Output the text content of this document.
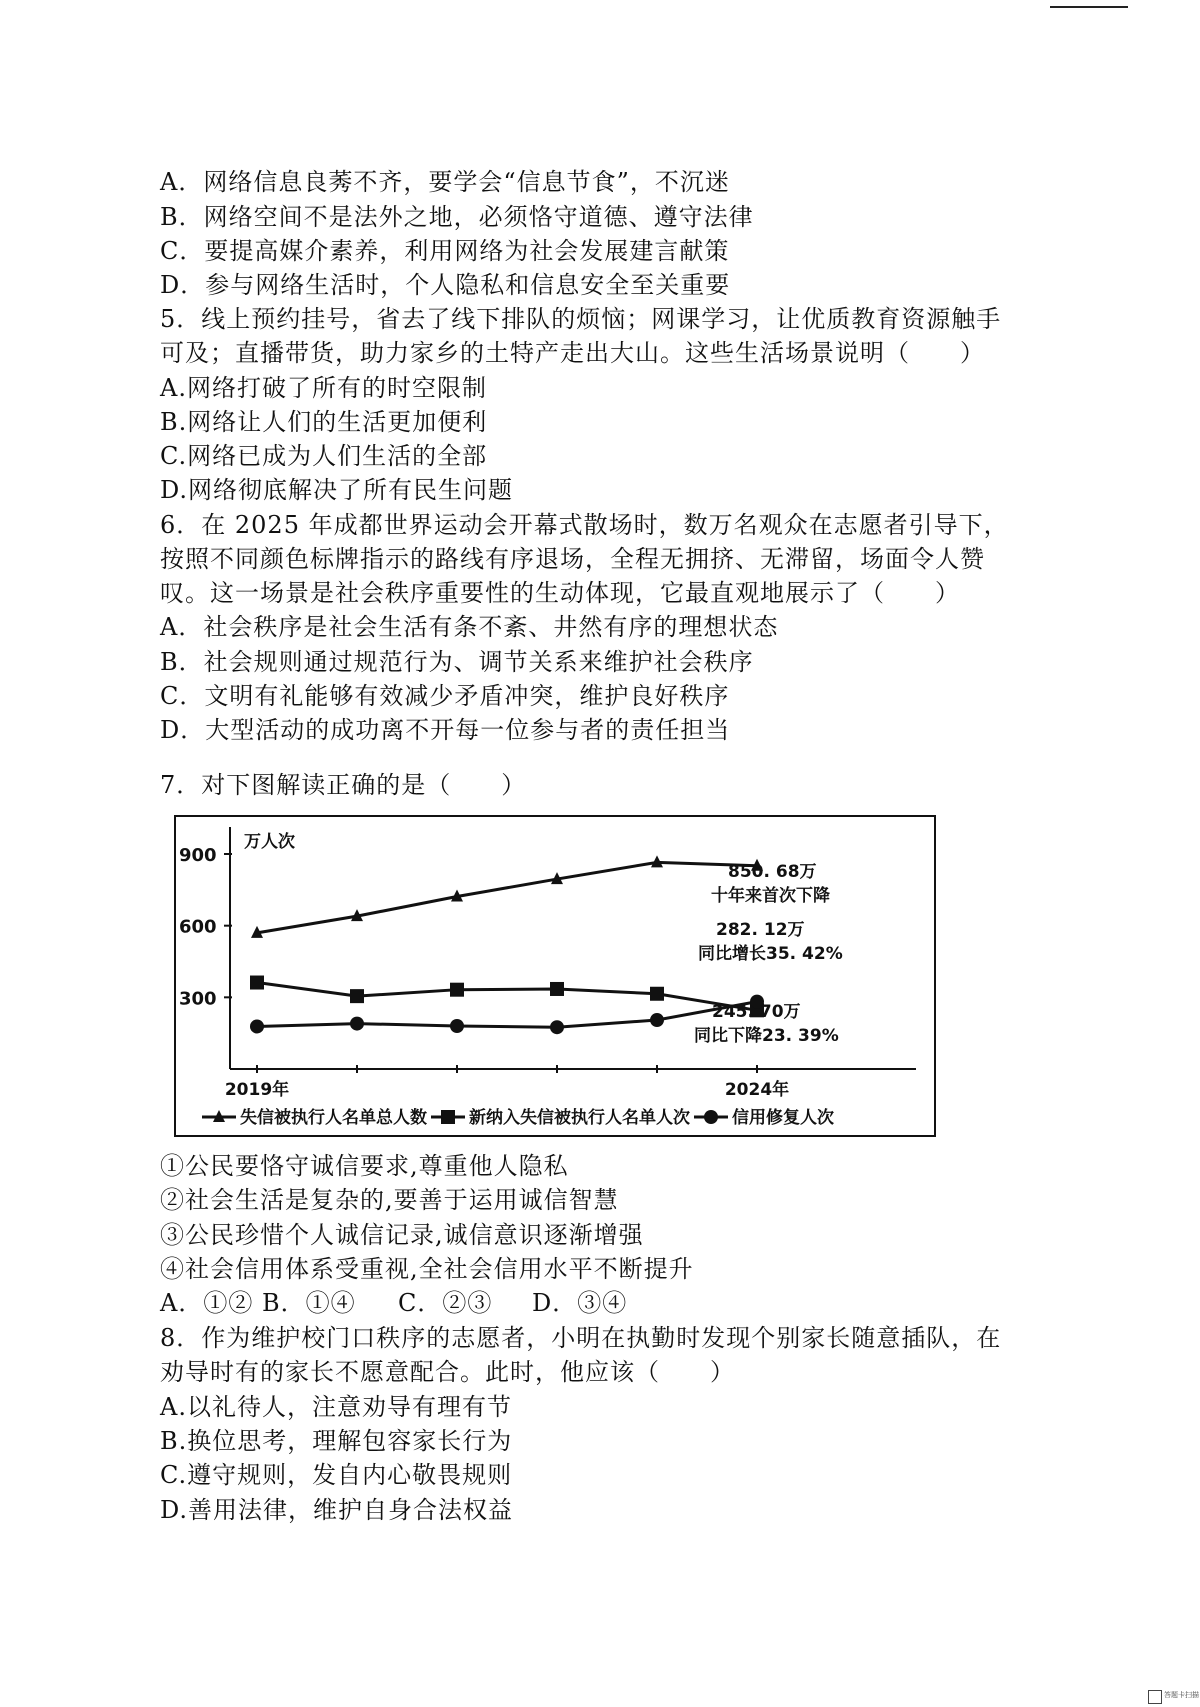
A．网络信息良莠不齐，要学会“信息节食”，不沉迷
B．网络空间不是法外之地，必须恪守道德、遵守法律
C．要提高媒介素养，利用网络为社会发展建言献策
D．参与网络生活时，个人隐私和信息安全至关重要
5．线上预约挂号，省去了线下排队的烦恼；网课学习，让优质教育资源触手
可及；直播带货，助力家乡的土特产走出大山。这些生活场景说明（　　）
A.网络打破了所有的时空限制
B.网络让人们的生活更加便利
C.网络已成为人们生活的全部
D.网络彻底解决了所有民生问题
6．在 2025 年成都世界运动会开幕式散场时，数万名观众在志愿者引导下，
按照不同颜色标牌指示的路线有序退场，全程无拥挤、无滞留，场面令人赞
叹。这一场景是社会秩序重要性的生动体现，它最直观地展示了（　　）
A．社会秩序是社会生活有条不紊、井然有序的理想状态
B．社会规则通过规范行为、调节关系来维护社会秩序
C．文明有礼能够有效减少矛盾冲突，维护良好秩序
D．大型活动的成功离不开每一位参与者的责任担当
7．对下图解读正确的是（　　）
300
600
900
万人次
2019年	2024年
850. 68万
十年来首次下降
282. 12万
同比增长35. 42%
245. 70万
同比下降23. 39%
失信被执行人名单总人数 新纳入失信被执行人名单人次 信用修复人次
①公民要恪守诚信要求,尊重他人隐私
②社会生活是复杂的,要善于运用诚信智慧
③公民珍惜个人诚信记录,诚信意识逐渐增强
④社会信用体系受重视,全社会信用水平不断提升
A．①② B．①④ C．②③ D．③④
8．作为维护校门口秩序的志愿者，小明在执勤时发现个别家长随意插队，在
劝导时有的家长不愿意配合。此时，他应该（　　）
A.以礼待人，注意劝导有理有节
B.换位思考，理解包容家长行为
C.遵守规则，发自内心敬畏规则
D.善用法律，维护自身合法权益
答题卡扫描
